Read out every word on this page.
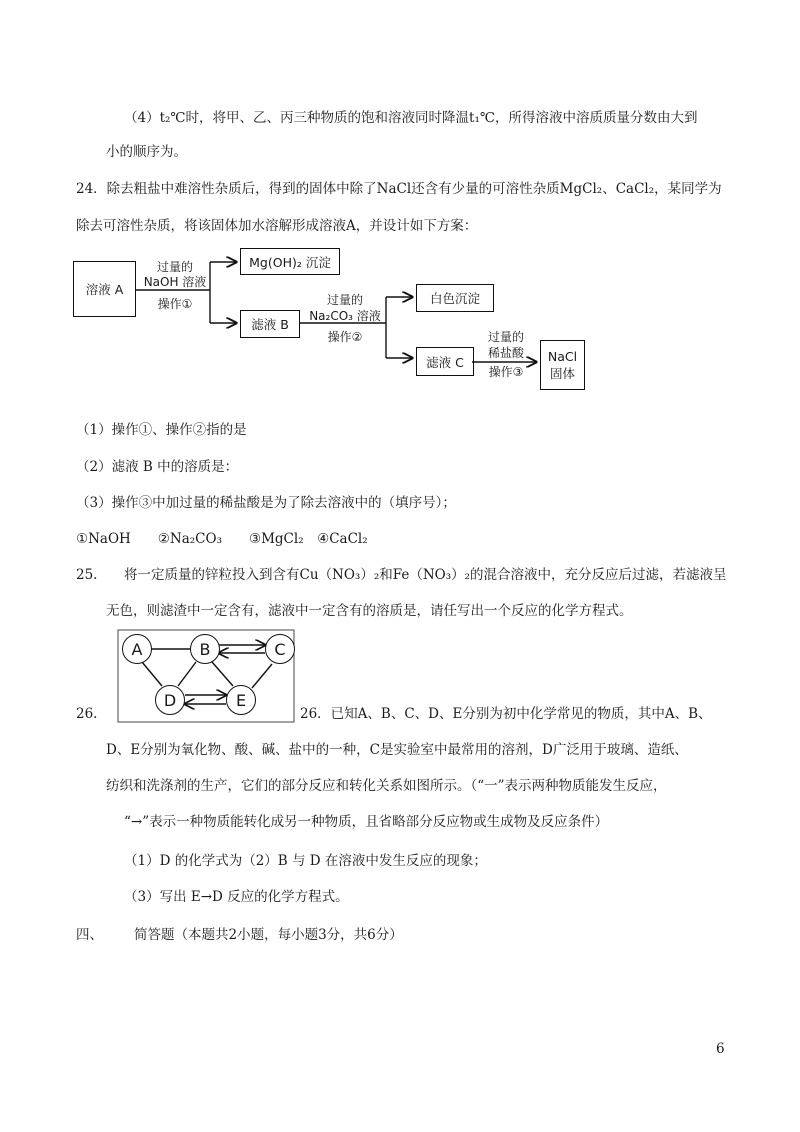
（4）t₂℃时，将甲、乙、丙三种物质的饱和溶液同时降温t₁℃，所得溶液中溶质质量分数由大到
小的顺序为。
24．除去粗盐中难溶性杂质后，得到的固体中除了NaCl还含有少量的可溶性杂质MgCl₂、CaCl₂，某同学为
除去可溶性杂质，将该固体加水溶解形成溶液A，并设计如下方案：
溶液 A
过量的
NaOH 溶液
操作①
Mg(OH)₂ 沉淀
滤液 B
过量的
Na₂CO₃ 溶液
操作②
白色沉淀
滤液 C
过量的
稀盐酸
操作③
NaCl
固体
（1）操作①、操作②指的是
（2）滤液 B 中的溶质是：
（3）操作③中加过量的稀盐酸是为了除去溶液中的（填序号）；
①NaOH　　②Na₂CO₃　　③MgCl₂　④CaCl₂
25. 将一定质量的锌粒投入到含有Cu（NO₃）₂和Fe（NO₃）₂的混合溶液中，充分反应后过滤，若滤液呈
无色，则滤渣中一定含有，滤液中一定含有的溶质是，请任写出一个反应的化学方程式。
A	B	C
D	E
26.	26．已知A、B、C、D、E分别为初中化学常见的物质，其中A、B、
D、E分别为氧化物、酸、碱、盐中的一种，C是实验室中最常用的溶剂，D广泛用于玻璃、造纸、
纺织和洗涤剂的生产，它们的部分反应和转化关系如图所示。（“一”表示两种物质能发生反应，
“→”表示一种物质能转化成另一种物质，且省略部分反应物或生成物及反应条件）
（1）D 的化学式为（2）B 与 D 在溶液中发生反应的现象；
（3）写出 E→D 反应的化学方程式。
四、 简答题（本题共2小题，每小题3分，共6分）
6
